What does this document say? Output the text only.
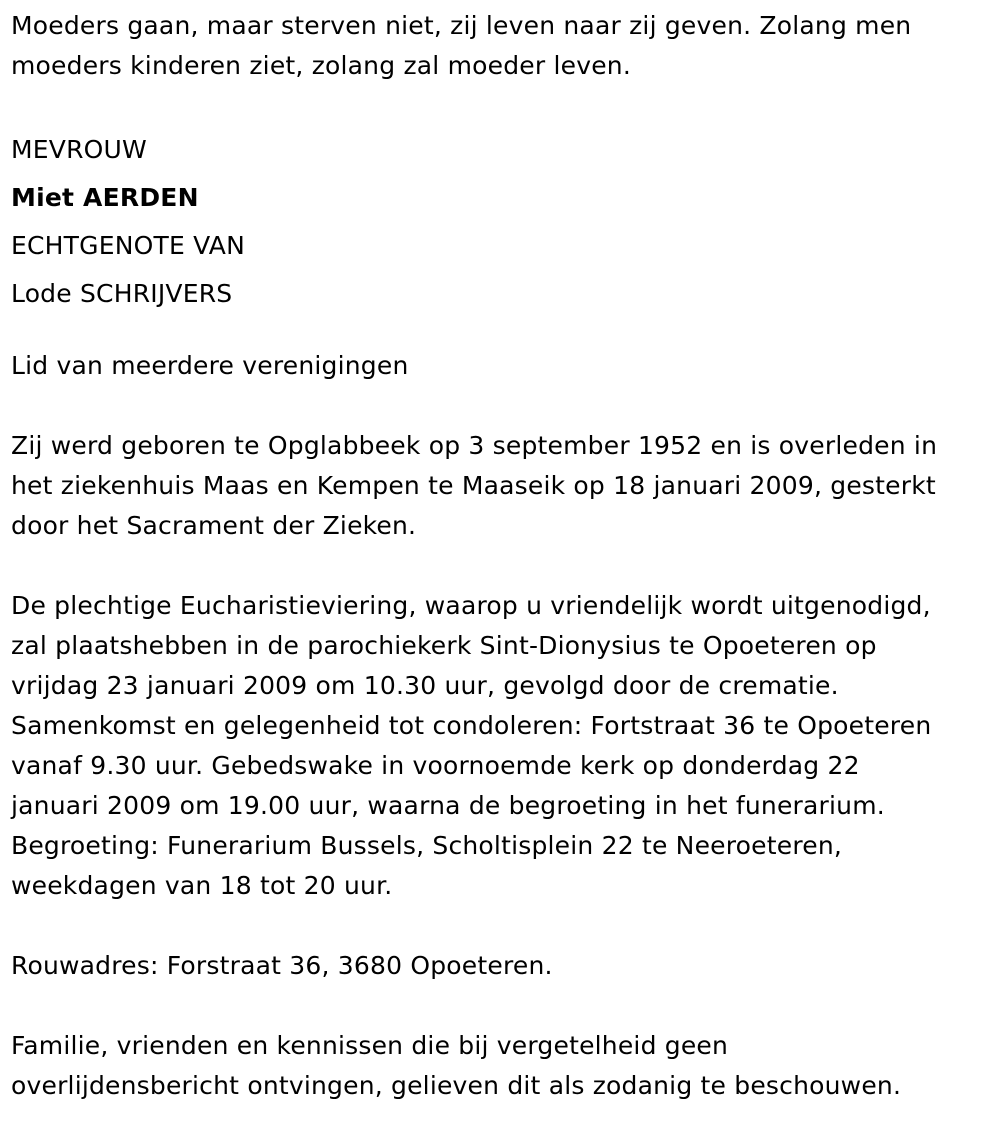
Moeders gaan, maar sterven niet, zij leven naar zij geven. Zolang men
moeders kinderen ziet, zolang zal moeder leven.
MEVROUW
Miet AERDEN
ECHTGENOTE VAN
Lode SCHRIJVERS
Lid van meerdere verenigingen
Zij werd geboren te Opglabbeek op 3 september 1952 en is overleden in
het ziekenhuis Maas en Kempen te Maaseik op 18 januari 2009, gesterkt
door het Sacrament der Zieken.
De plechtige Eucharistieviering, waarop u vriendelijk wordt uitgenodigd,
zal plaatshebben in de parochiekerk Sint-Dionysius te Opoeteren op
vrijdag 23 januari 2009 om 10.30 uur, gevolgd door de crematie.
Samenkomst en gelegenheid tot condoleren: Fortstraat 36 te Opoeteren
vanaf 9.30 uur. Gebedswake in voornoemde kerk op donderdag 22
januari 2009 om 19.00 uur, waarna de begroeting in het funerarium.
Begroeting: Funerarium Bussels, Scholtisplein 22 te Neeroeteren,
weekdagen van 18 tot 20 uur.
Rouwadres: Forstraat 36, 3680 Opoeteren.
Familie, vrienden en kennissen die bij vergetelheid geen
overlijdensbericht ontvingen, gelieven dit als zodanig te beschouwen.
